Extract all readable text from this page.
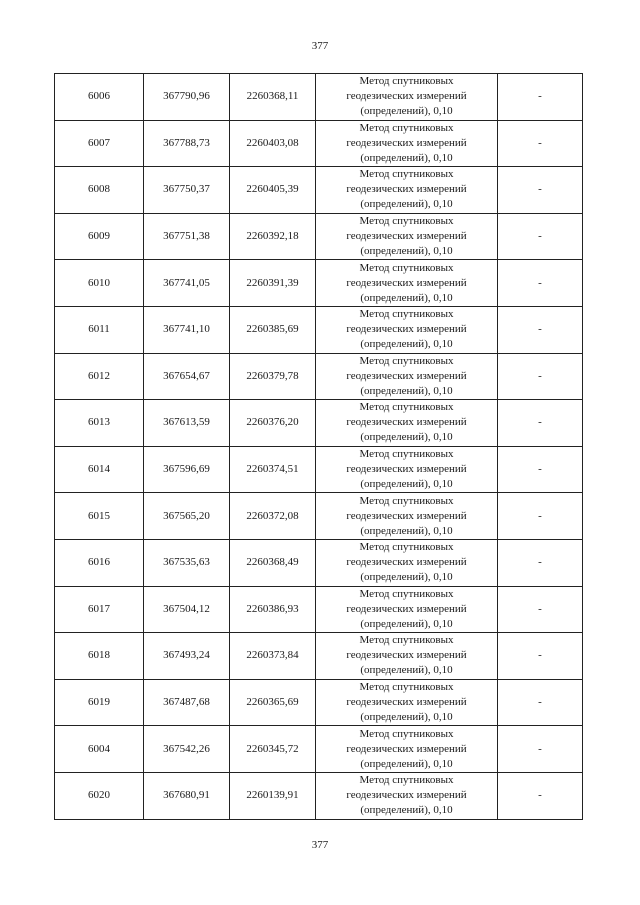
377
6006	367790,96	2260368,11	Метод спутниковых
геодезических измерений
(определений), 0,10	-
6007	367788,73	2260403,08	Метод спутниковых
геодезических измерений
(определений), 0,10	-
6008	367750,37	2260405,39	Метод спутниковых
геодезических измерений
(определений), 0,10	-
6009	367751,38	2260392,18	Метод спутниковых
геодезических измерений
(определений), 0,10	-
6010	367741,05	2260391,39	Метод спутниковых
геодезических измерений
(определений), 0,10	-
6011	367741,10	2260385,69	Метод спутниковых
геодезических измерений
(определений), 0,10	-
6012	367654,67	2260379,78	Метод спутниковых
геодезических измерений
(определений), 0,10	-
6013	367613,59	2260376,20	Метод спутниковых
геодезических измерений
(определений), 0,10	-
6014	367596,69	2260374,51	Метод спутниковых
геодезических измерений
(определений), 0,10	-
6015	367565,20	2260372,08	Метод спутниковых
геодезических измерений
(определений), 0,10	-
6016	367535,63	2260368,49	Метод спутниковых
геодезических измерений
(определений), 0,10	-
6017	367504,12	2260386,93	Метод спутниковых
геодезических измерений
(определений), 0,10	-
6018	367493,24	2260373,84	Метод спутниковых
геодезических измерений
(определений), 0,10	-
6019	367487,68	2260365,69	Метод спутниковых
геодезических измерений
(определений), 0,10	-
6004	367542,26	2260345,72	Метод спутниковых
геодезических измерений
(определений), 0,10	-
6020	367680,91	2260139,91	Метод спутниковых
геодезических измерений
(определений), 0,10	-
377
